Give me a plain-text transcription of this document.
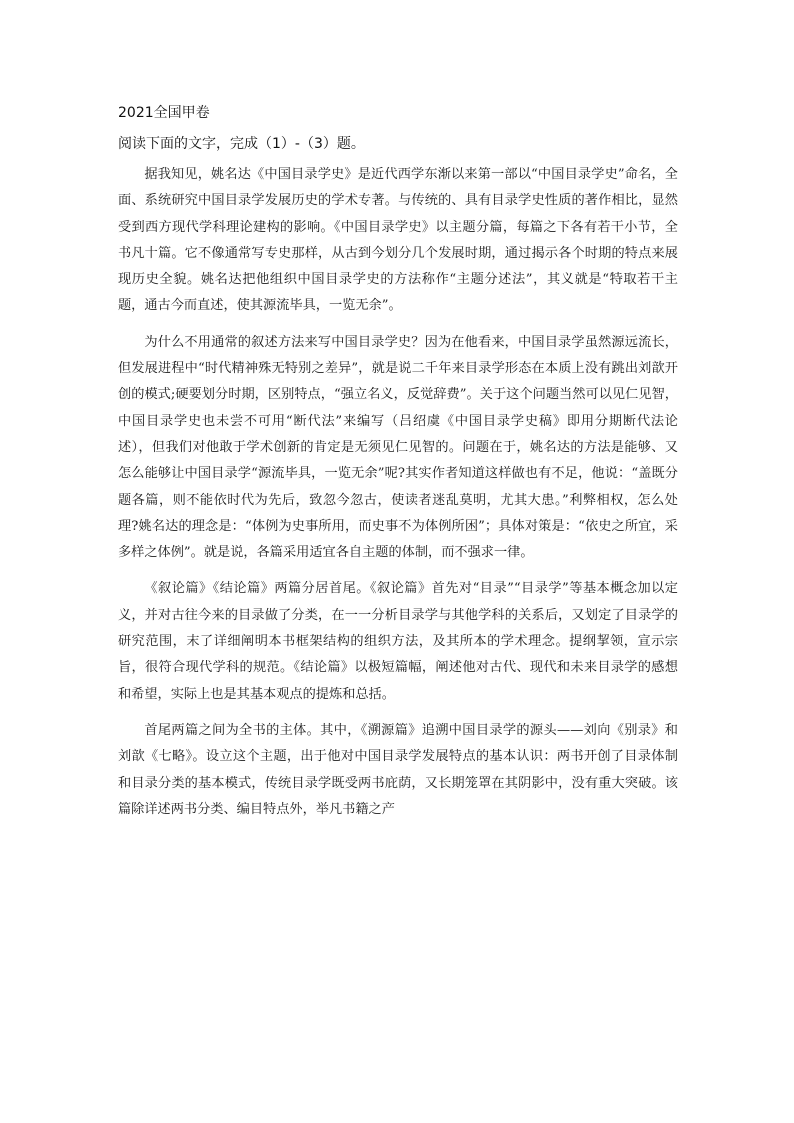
2021全国甲卷
阅读下面的文字，完成（1）-（3）题。

据我知见，姚名达《中国目录学史》是近代西学东渐以来第一部以“中国目录学史”命名，全面、系统研究中国目录学发展历史的学术专著。与传统的、具有目录学史性质的著作相比，显然受到西方现代学科理论建构的影响。《中国目录学史》以主题分篇，每篇之下各有若干小节，全书凡十篇。它不像通常写专史那样，从古到今划分几个发展时期，通过揭示各个时期的特点来展现历史全貌。姚名达把他组织中国目录学史的方法称作“主题分述法”，其义就是“特取若干主题，通古今而直述，使其源流毕具，一览无余”。

为什么不用通常的叙述方法来写中国目录学史？因为在他看来，中国目录学虽然源远流长，但发展进程中“时代精神殊无特别之差异”，就是说二千年来目录学形态在本质上没有跳出刘歆开创的模式;硬要划分时期，区别特点，“强立名义，反觉辞费”。关于这个问题当然可以见仁见智，中国目录学史也未尝不可用“断代法”来编写（吕绍虞《中国目录学史稿》即用分期断代法论述），但我们对他敢于学术创新的肯定是无须见仁见智的。问题在于，姚名达的方法是能够、又怎么能够让中国目录学“源流毕具，一览无余”呢?其实作者知道这样做也有不足，他说：“盖既分题各篇，则不能依时代为先后，致忽今忽古，使读者迷乱莫明，尤其大患。”利弊相权，怎么处理?姚名达的理念是：“体例为史事所用，而史事不为体例所困”；具体对策是：“依史之所宜，采多样之体例”。就是说，各篇采用适宜各自主题的体制，而不强求一律。

《叙论篇》《结论篇》两篇分居首尾。《叙论篇》首先对“目录”“目录学”等基本概念加以定义，并对古往今来的目录做了分类，在一一分析目录学与其他学科的关系后，又划定了目录学的研究范围，末了详细阐明本书框架结构的组织方法，及其所本的学术理念。提纲挈领，宣示宗旨，很符合现代学科的规范。《结论篇》以极短篇幅，阐述他对古代、现代和未来目录学的感想和希望，实际上也是其基本观点的提炼和总括。

首尾两篇之间为全书的主体。其中，《溯源篇》追溯中国目录学的源头——刘向《别录》和刘歆《七略》。设立这个主题，出于他对中国目录学发展特点的基本认识：两书开创了目录体制和目录分类的基本模式，传统目录学既受两书庇荫，又长期笼罩在其阴影中，没有重大突破。该篇除详述两书分类、编目特点外，举凡书籍之产
